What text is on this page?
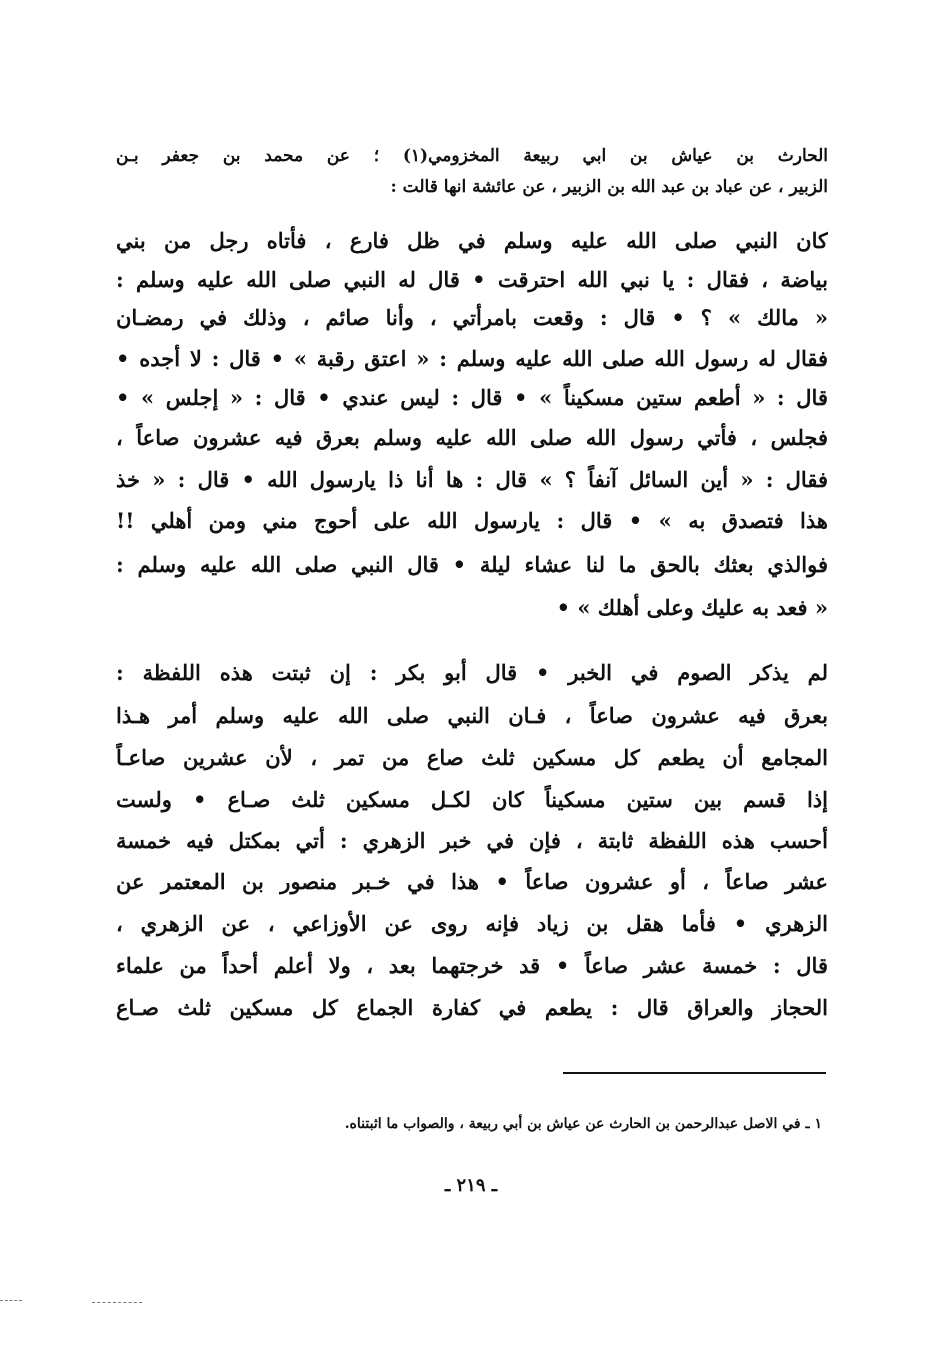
الحارث بن عياش بن ابي ربيعة المخزومي(١) ؛ عن محمد بن جعفر بـن

الزبير ، عن عباد بن عبد الله بن الزبير ، عن عائشة انها قالت :

كان النبي صلى الله عليه وسلم في ظل فارع ، فأتاه رجل من بني

بياضة ، فقال : يا نبي الله احترقت • قال له النبي صلى الله عليه وسلم :

« مالك » ؟ • قال : وقعت بامرأتي ، وأنا صائم ، وذلك في رمضـان

فقال له رسول الله صلى الله عليه وسلم : « اعتق رقبة » • قال : لا أجده •

قال : « أطعم ستين مسكيناً » • قال : ليس عندي • قال : « إجلس » •

فجلس ، فأتي رسول الله صلى الله عليه وسلم بعرق فيه عشرون صاعاً ،

فقال : « أين السائل آنفاً ؟ » قال : ها أنا ذا يارسول الله • قال : « خذ

هذا فتصدق به » • قال : يارسول الله على أحوج مني ومن أهلي !!

فوالذي بعثك بالحق ما لنا عشاء ليلة • قال النبي صلى الله عليه وسلم :

« فعد به عليك وعلى أهلك » •

لم يذكر الصوم في الخبر • قال أبو بكر : إن ثبتت هذه اللفظة :

بعرق فيه عشرون صاعاً ، فـان النبي صلى الله عليه وسلم أمر هـذا

المجامع أن يطعم كل مسكين ثلث صاع من تمر ، لأن عشرين صاعـاً

إذا قسم بين ستين مسكيناً كان لكـل مسكين ثلث صـاع • ولست

أحسب هذه اللفظة ثابتة ، فإن في خبر الزهري : أتي بمكتل فيه خمسة

عشر صاعاً ، أو عشرون صاعاً • هذا في خـبر منصور بن المعتمر عن

الزهري • فأما هقل بن زياد فإنه روى عن الأوزاعي ، عن الزهري ،

قال : خمسة عشر صاعاً • قد خرجتهما بعد ، ولا أعلم أحداً من علماء

الحجاز والعراق قال : يطعم في كفارة الجماع كل مسكين ثلث صـاع

١ ـ في الاصل عبدالرحمن بن الحارث عن عياش بن أبي ربيعة ، والصواب ما اثبتناه.
ـ ٢١٩ ـ
